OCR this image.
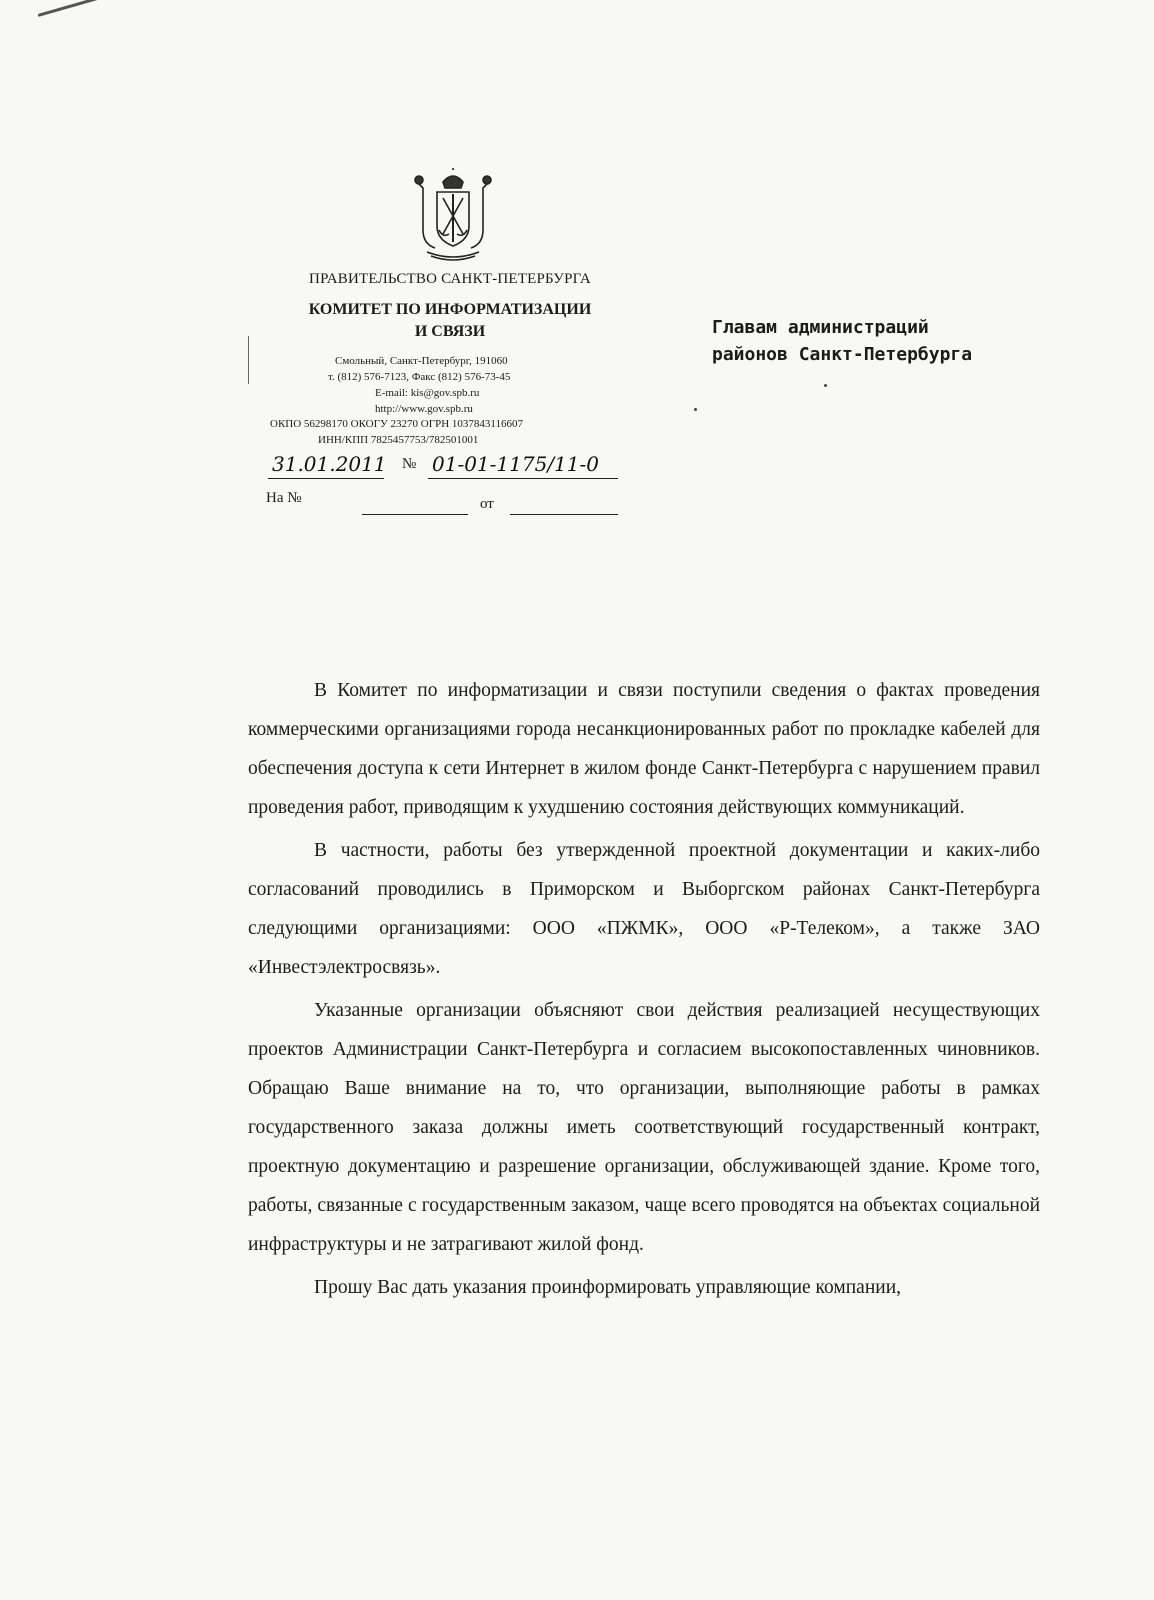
ПРАВИТЕЛЬСТВО САНКТ-ПЕТЕРБУРГА
КОМИТЕТ ПО ИНФОРМАТИЗАЦИИ
И СВЯЗИ
Смольный, Санкт-Петербург, 191060
т. (812) 576-7123, Факс (812) 576-73-45
E-mail: kis@gov.spb.ru
http://www.gov.spb.ru
ОКПО 56298170 ОКОГУ 23270 ОГРН 1037843116607
ИНН/КПП 7825457753/782501001
31.01.2011 № 01-01-1175/11-0
На №	от
Главам администраций
районов Санкт-Петербурга

В Комитет по информатизации и связи поступили сведения о фактах проведения коммерческими организациями города несанкционированных работ по прокладке кабелей для обеспечения доступа к сети Интернет в жилом фонде Санкт-Петербурга с нарушением правил проведения работ, приводящим к ухудшению состояния действующих коммуникаций.

В частности, работы без утвержденной проектной документации и каких-либо согласований проводились в Приморском и Выборгском районах Санкт-Петербурга следующими организациями: ООО «ПЖМК», ООО «Р-Телеком», а также ЗАО «Инвестэлектросвязь».

Указанные организации объясняют свои действия реализацией несуществующих проектов Администрации Санкт-Петербурга и согласием высокопоставленных чиновников. Обращаю Ваше внимание на то, что организации, выполняющие работы в рамках государственного заказа должны иметь соответствующий государственный контракт, проектную документацию и разрешение организации, обслуживающей здание. Кроме того, работы, связанные с государственным заказом, чаще всего проводятся на объектах социальной инфраструктуры и не затрагивают жилой фонд.

Прошу Вас дать указания проинформировать управляющие компании,
